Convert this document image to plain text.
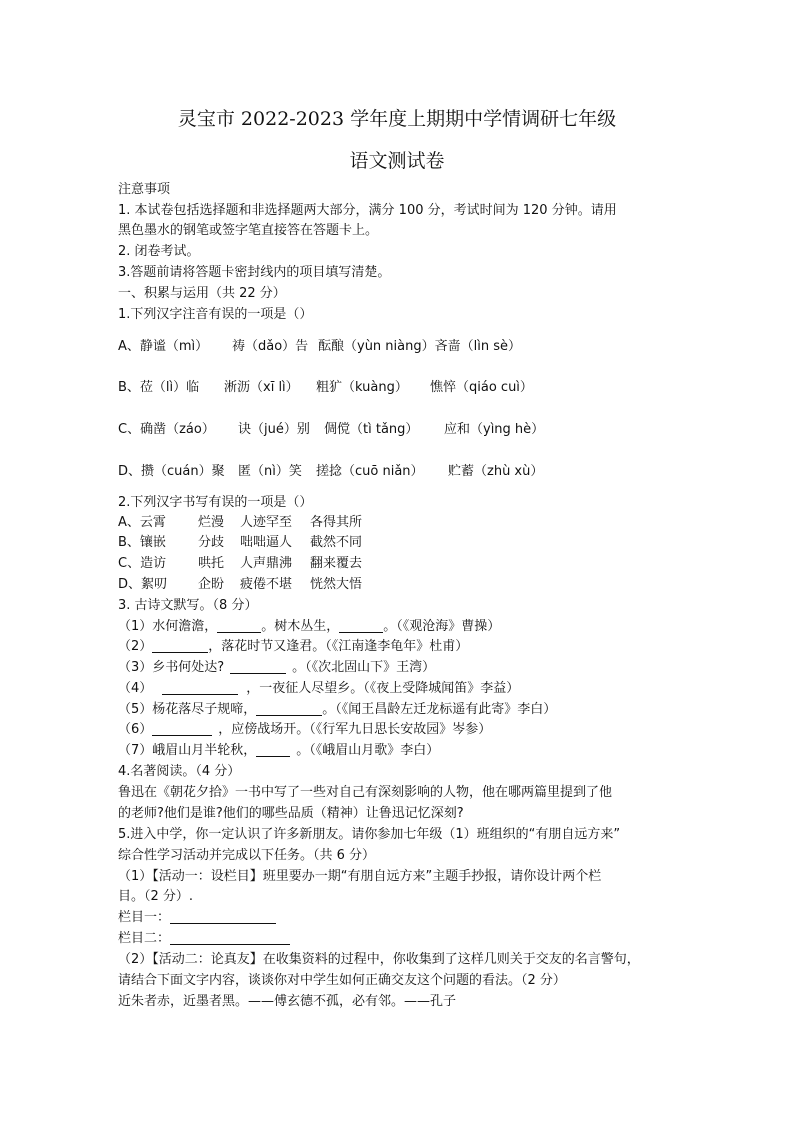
灵宝市 2022-2023 学年度上期期中学情调研七年级
语文测试卷
注意事项
1. 本试卷包括选择题和非选择题两大部分，满分 100 分，考试时间为 120 分钟。请用
黑色墨水的钢笔或签字笔直接答在答题卡上。
2. 闭卷考试。
3.答题前请将答题卡密封线内的项目填写清楚。
一、积累与运用（共 22 分）
1.下列汉字注音有误的一项是（）
A、静谧（mì） 祷（dǎo）告 酝酿（yùn niàng）吝啬（lìn sè）
B、莅（lì）临 淅沥（xī lì） 粗犷（kuàng） 憔悴（qiáo cuì）
C、确凿（záo） 诀（jué）别 倜傥（tì tǎng） 应和（yìng hè）
D、攒（cuán）聚 匿（nì）笑 搓捻（cuō niǎn） 贮蓄（zhù xù）
2.下列汉字书写有误的一项是（）
A、云霄 烂漫 人迹罕至 各得其所
B、镶嵌 分歧 咄咄逼人 截然不同
C、造访 哄托 人声鼎沸 翻来覆去
D、絮叨 企盼 疲倦不堪 恍然大悟
3. 古诗文默写。（8 分）
（1）水何澹澹，	。树木丛生，	。（《观沧海》曹操）
（2）	，落花时节又逢君。（《江南逢李龟年》杜甫）
（3）乡书何处达?	。（《次北固山下》王湾）
（4）	，一夜征人尽望乡。（《夜上受降城闻笛》李益）
（5）杨花落尽子规啼，	。（《闻王昌龄左迁龙标遥有此寄》李白）
（6）	，应傍战场开。（《行军九日思长安故园》岑参）
（7）峨眉山月半轮秋，	。（《峨眉山月歌》李白）
4.名著阅读。（4 分）
鲁迅在《朝花夕拾》一书中写了一些对自己有深刻影响的人物，他在哪两篇里提到了他
的老师?他们是谁?他们的哪些品质（精神）让鲁迅记忆深刻?
5.进入中学，你一定认识了许多新朋友。请你参加七年级（1）班组织的“有朋自远方来”
综合性学习活动并完成以下任务。（共 6 分）
（1）【活动一：设栏目】班里要办一期“有朋自远方来”主题手抄报，请你设计两个栏
目。（2 分）.
栏目一：
栏目二：
（2）【活动二：论真友】在收集资料的过程中，你收集到了这样几则关于交友的名言警句，
请结合下面文字内容，谈谈你对中学生如何正确交友这个问题的看法。（2 分）
近朱者赤，近墨者黑。——傅玄德不孤，必有邻。——孔子
